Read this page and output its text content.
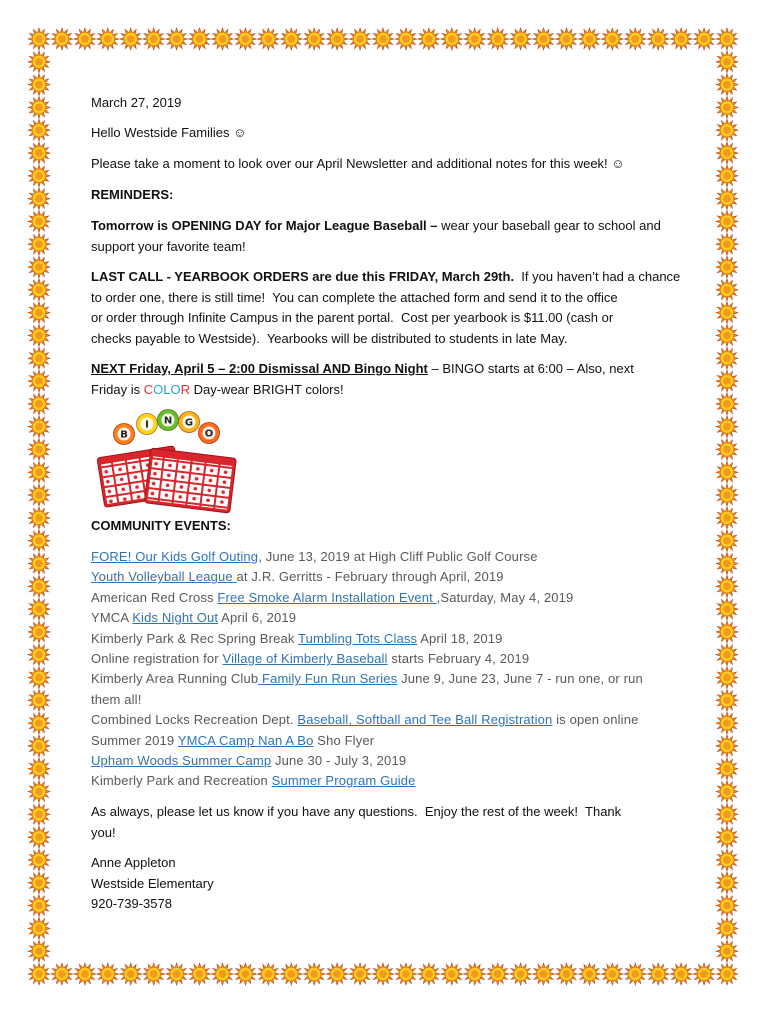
March 27, 2019
Hello Westside Families ☺
Please take a moment to look over our April Newsletter and additional notes for this week! ☺
REMINDERS:
Tomorrow is OPENING DAY for Major League Baseball – wear your baseball gear to school and
support your favorite team!
LAST CALL - YEARBOOK ORDERS are due this FRIDAY, March 29th.  If you haven’t had a chance
to order one, there is still time!  You can complete the attached form and send it to the office
or order through Infinite Campus in the parent portal.  Cost per yearbook is $11.00 (cash or
checks payable to Westside).  Yearbooks will be distributed to students in late May.
NEXT Friday, April 5 – 2:00 Dismissal AND Bingo Night – BINGO starts at 6:00 – Also, next
Friday is COLOR Day-wear BRIGHT colors!
B
I N G
O
COMMUNITY EVENTS:
FORE! Our Kids Golf Outing, June 13, 2019 at High Cliff Public Golf Course
Youth Volleyball League at J.R. Gerritts - February through April, 2019
American Red Cross Free Smoke Alarm Installation Event ,Saturday, May 4, 2019
YMCA Kids Night Out April 6, 2019
Kimberly Park & Rec Spring Break Tumbling Tots Class April 18, 2019
Online registration for Village of Kimberly Baseball starts February 4, 2019
Kimberly Area Running Club Family Fun Run Series June 9, June 23, June 7 - run one, or run
them all!
Combined Locks Recreation Dept. Baseball, Softball and Tee Ball Registration is open online
Summer 2019 YMCA Camp Nan A Bo Sho Flyer
Upham Woods Summer Camp June 30 - July 3, 2019
Kimberly Park and Recreation Summer Program Guide
As always, please let us know if you have any questions.  Enjoy the rest of the week!  Thank
you!
Anne Appleton
Westside Elementary
920-739-3578
